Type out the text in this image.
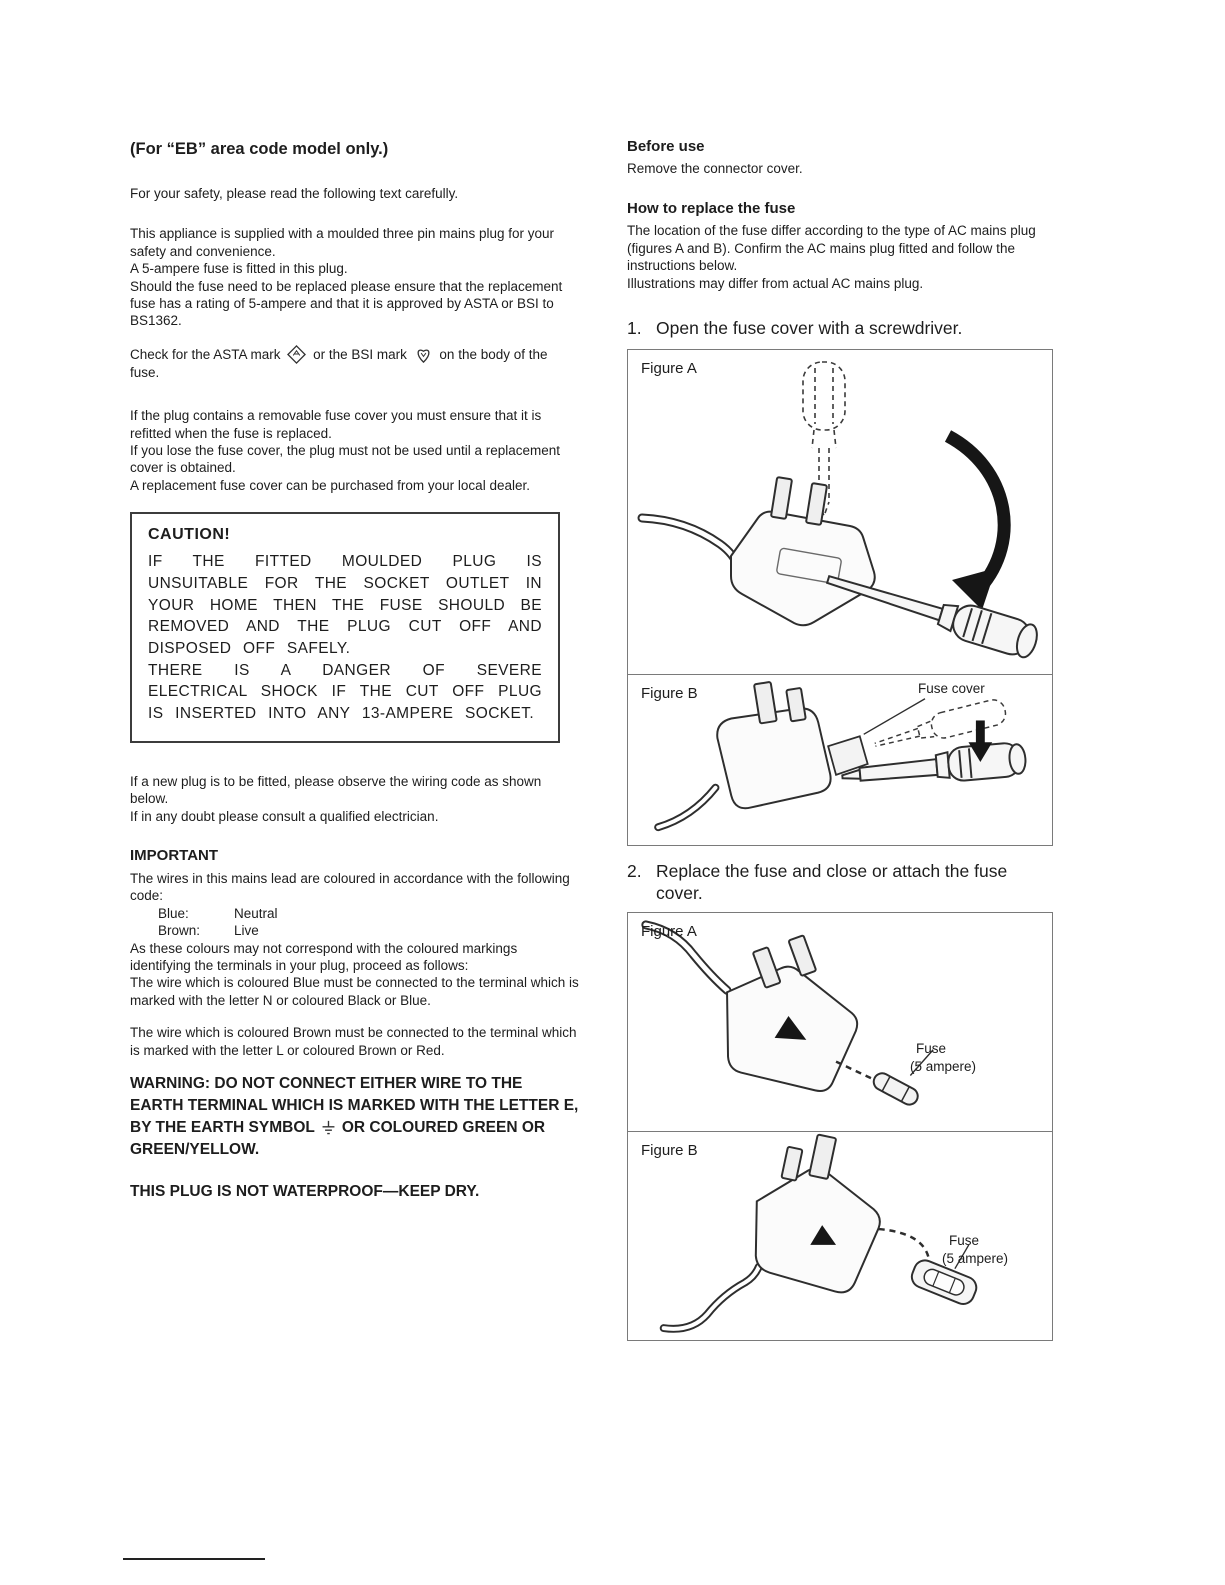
(For “EB” area code model only.)

For your safety, please read the following text carefully.

This appliance is supplied with a moulded three pin mains plug for your safety and convenience.

A 5-ampere fuse is fitted in this plug.

Should the fuse need to be replaced please ensure that the replacement fuse has a rating of 5-ampere and that it is approved by ASTA or BSI to BS1362.

Check for the ASTA mark or the BSI mark on the body of the fuse.

If the plug contains a removable fuse cover you must ensure that it is refitted when the fuse is replaced.

If you lose the fuse cover, the plug must not be used until a replacement cover is obtained.

A replacement fuse cover can be purchased from your local dealer.

CAUTION!

IF THE FITTED MOULDED PLUG IS UNSUITABLE FOR THE SOCKET OUTLET IN YOUR HOME THEN THE FUSE SHOULD BE REMOVED AND THE PLUG CUT OFF AND DISPOSED OFF SAFELY.

THERE IS A DANGER OF SEVERE ELECTRICAL SHOCK IF THE CUT OFF PLUG IS INSERTED INTO ANY 13-AMPERE SOCKET.

If a new plug is to be fitted, please observe the wiring code as shown below.

If in any doubt please consult a qualified electrician.

IMPORTANT

The wires in this mains lead are coloured in accordance with the following code:

Blue:	Neutral
Brown:	Live

As these colours may not correspond with the coloured markings identifying the terminals in your plug, proceed as follows:

The wire which is coloured Blue must be connected to the terminal which is marked with the letter N or coloured Black or Blue.

The wire which is coloured Brown must be connected to the terminal which is marked with the letter L or coloured Brown or Red.

WARNING: DO NOT CONNECT EITHER WIRE TO THE EARTH TERMINAL WHICH IS MARKED WITH THE LETTER E, BY THE EARTH SYMBOL OR COLOURED GREEN OR GREEN/YELLOW.

THIS PLUG IS NOT WATERPROOF—KEEP DRY.

Before use

Remove the connector cover.

How to replace the fuse

The location of the fuse differ according to the type of AC mains plug (figures A and B). Confirm the AC mains plug fitted and follow the instructions below.

Illustrations may differ from actual AC mains plug.

1. Open the fuse cover with a screwdriver.
Figure A
Figure B	Fuse cover
2. Replace the fuse and close or attach the fuse cover.
Figure A
Fuse
(5 ampere)
Figure B
Fuse
(5 ampere)
